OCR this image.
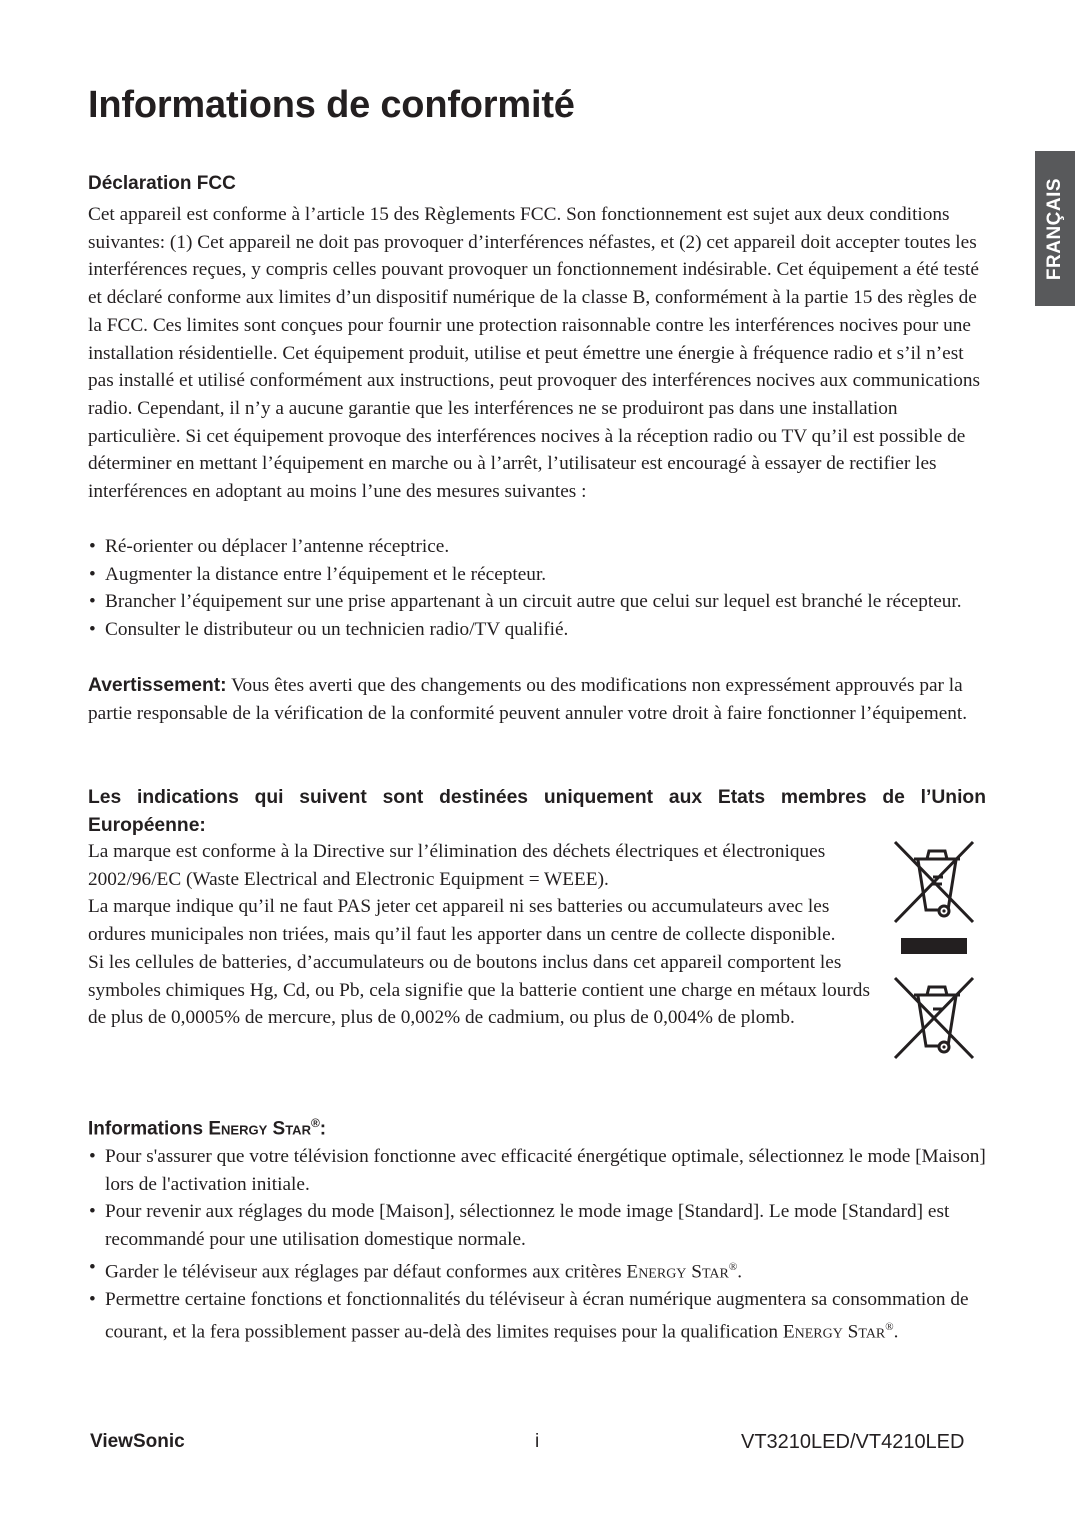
Informations de conformité
FRANÇAIS
Déclaration FCC

Cet appareil est conforme à l’article 15 des Règlements FCC. Son fonctionnement est sujet aux deux conditions suivantes: (1) Cet appareil ne doit pas provoquer d’interférences néfastes, et (2) cet appareil doit accepter toutes les interférences reçues, y compris celles pouvant provoquer un fonctionnement indésirable. Cet équipement a été testé et déclaré conforme aux limites d’un dispositif numérique de la classe B, conformément à la partie 15 des règles de la FCC. Ces limites sont conçues pour fournir une protection raisonnable contre les interférences nocives pour une installation résidentielle. Cet équipement produit, utilise et peut émettre une énergie à fréquence radio et s’il n’est pas installé et utilisé conformément aux instructions, peut provoquer des interférences nocives aux communications radio. Cependant, il n’y a aucune garantie que les interférences ne se produiront pas dans une installation particulière. Si cet équipement provoque des interférences nocives à la réception radio ou TV qu’il est possible de déterminer en mettant l’équipement en marche ou à l’arrêt, l’utilisateur est encouragé à essayer de rectifier les interférences en adoptant au moins l’une des mesures suivantes :

• Ré-orienter ou déplacer l’antenne réceptrice.
• Augmenter la distance entre l’équipement et le récepteur.
• Brancher l’équipement sur une prise appartenant à un circuit autre que celui sur lequel est branché le récepteur.
• Consulter le distributeur ou un technicien radio/TV qualifié.

Avertissement: Vous êtes averti que des changements ou des modifications non expressément approuvés par la partie responsable de la vérification de la conformité peuvent annuler votre droit à faire fonctionner l’équipement.

Les indications qui suivent sont destinées uniquement aux Etats membres de l’Union Européenne:

La marque est conforme à la Directive sur l’élimination des déchets électriques et électroniques 2002/96/EC (Waste Electrical and Electronic Equipment = WEEE).

La marque indique qu’il ne faut PAS jeter cet appareil ni ses batteries ou accumulateurs avec les ordures municipales non triées, mais qu’il faut les apporter dans un centre de collecte disponible.

Si les cellules de batteries, d’accumulateurs ou de boutons inclus dans cet appareil comportent les symboles chimiques Hg, Cd, ou Pb, cela signifie que la batterie contient une charge en métaux lourds de plus de 0,0005% de mercure, plus de 0,002% de cadmium, ou plus de 0,004% de plomb.

Informations Energy Star®:
• Pour s'assurer que votre télévision fonctionne avec efficacité énergétique optimale, sélectionnez le mode [Maison] lors de l'activation initiale.
• Pour revenir aux réglages du mode [Maison], sélectionnez le mode image [Standard]. Le mode [Standard] est recommandé pour une utilisation domestique normale.
• Garder le téléviseur aux réglages par défaut conformes aux critères Energy Star®.
• Permettre certaine fonctions et fonctionnalités du téléviseur à écran numérique augmentera sa consommation de courant, et la fera possiblement passer au-delà des limites requises pour la qualification Energy Star®.
ViewSonic	i	VT3210LED/VT4210LED
